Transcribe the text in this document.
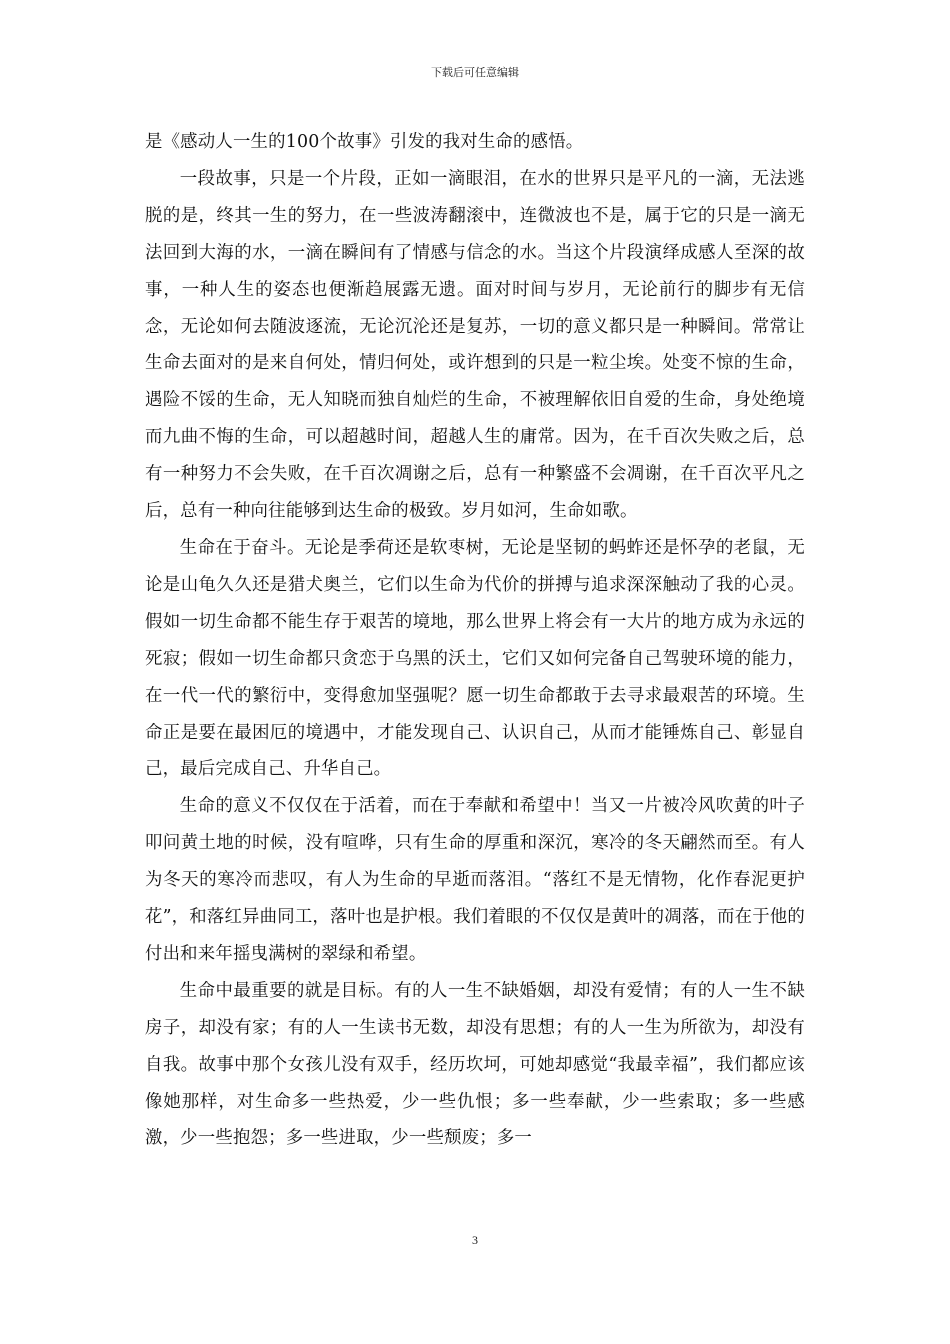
下载后可任意编辑

是《感动人一生的100个故事》引发的我对生命的感悟。

一段故事，只是一个片段，正如一滴眼泪，在水的世界只是平凡的一滴，无法逃脱的是，终其一生的努力，在一些波涛翻滚中，连微波也不是，属于它的只是一滴无法回到大海的水，一滴在瞬间有了情感与信念的水。当这个片段演绎成感人至深的故事，一种人生的姿态也便渐趋展露无遗。面对时间与岁月，无论前行的脚步有无信念，无论如何去随波逐流，无论沉沦还是复苏，一切的意义都只是一种瞬间。常常让生命去面对的是来自何处，情归何处，或许想到的只是一粒尘埃。处变不惊的生命，遇险不馁的生命，无人知晓而独自灿烂的生命，不被理解依旧自爱的生命，身处绝境而九曲不悔的生命，可以超越时间，超越人生的庸常。因为，在千百次失败之后，总有一种努力不会失败，在千百次凋谢之后，总有一种繁盛不会凋谢，在千百次平凡之后，总有一种向往能够到达生命的极致。岁月如河，生命如歌。

生命在于奋斗。无论是季荷还是软枣树，无论是坚韧的蚂蚱还是怀孕的老鼠，无论是山龟久久还是猎犬奥兰，它们以生命为代价的拼搏与追求深深触动了我的心灵。假如一切生命都不能生存于艰苦的境地，那么世界上将会有一大片的地方成为永远的死寂；假如一切生命都只贪恋于乌黑的沃土，它们又如何完备自己驾驶环境的能力，在一代一代的繁衍中，变得愈加坚强呢？愿一切生命都敢于去寻求最艰苦的环境。生命正是要在最困厄的境遇中，才能发现自己、认识自己，从而才能锤炼自己、彰显自己，最后完成自己、升华自己。

生命的意义不仅仅在于活着，而在于奉献和希望中！当又一片被冷风吹黄的叶子叩问黄土地的时候，没有喧哗，只有生命的厚重和深沉，寒冷的冬天翩然而至。有人为冬天的寒冷而悲叹，有人为生命的早逝而落泪。“落红不是无情物，化作春泥更护花”，和落红异曲同工，落叶也是护根。我们着眼的不仅仅是黄叶的凋落，而在于他的付出和来年摇曳满树的翠绿和希望。

生命中最重要的就是目标。有的人一生不缺婚姻，却没有爱情；有的人一生不缺房子，却没有家；有的人一生读书无数，却没有思想；有的人一生为所欲为，却没有自我。故事中那个女孩儿没有双手，经历坎坷，可她却感觉“我最幸福”，我们都应该像她那样，对生命多一些热爱，少一些仇恨；多一些奉献，少一些索取；多一些感激，少一些抱怨；多一些进取，少一些颓废；多一

3
